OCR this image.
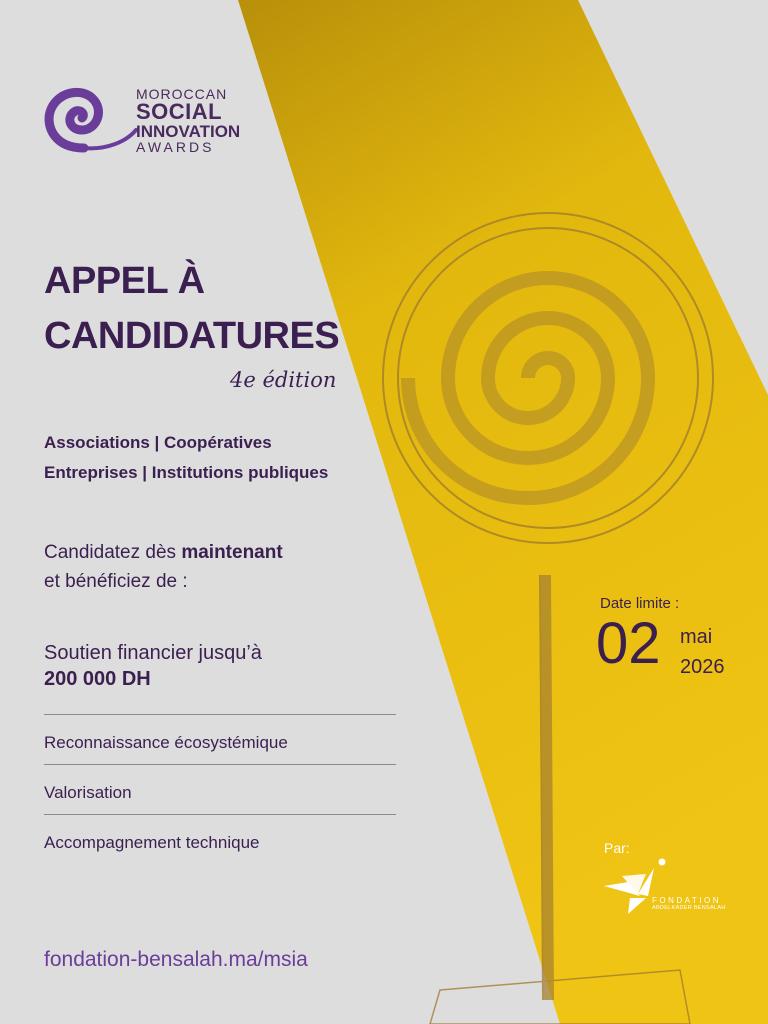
MOROCCAN
SOCIAL
INNOVATION
AWARDS
APPEL À
CANDIDATURES
4e édition
Associations | Coopératives
Entreprises | Institutions publiques
Candidatez dès maintenant
et bénéficiez de :
Soutien financier jusqu’à
200 000 DH
Reconnaissance écosystémique
Valorisation
Accompagnement technique
fondation-bensalah.ma/msia
Date limite :
02 mai
2026
Par:
FONDATION
ABDELKADER BENSALAH
